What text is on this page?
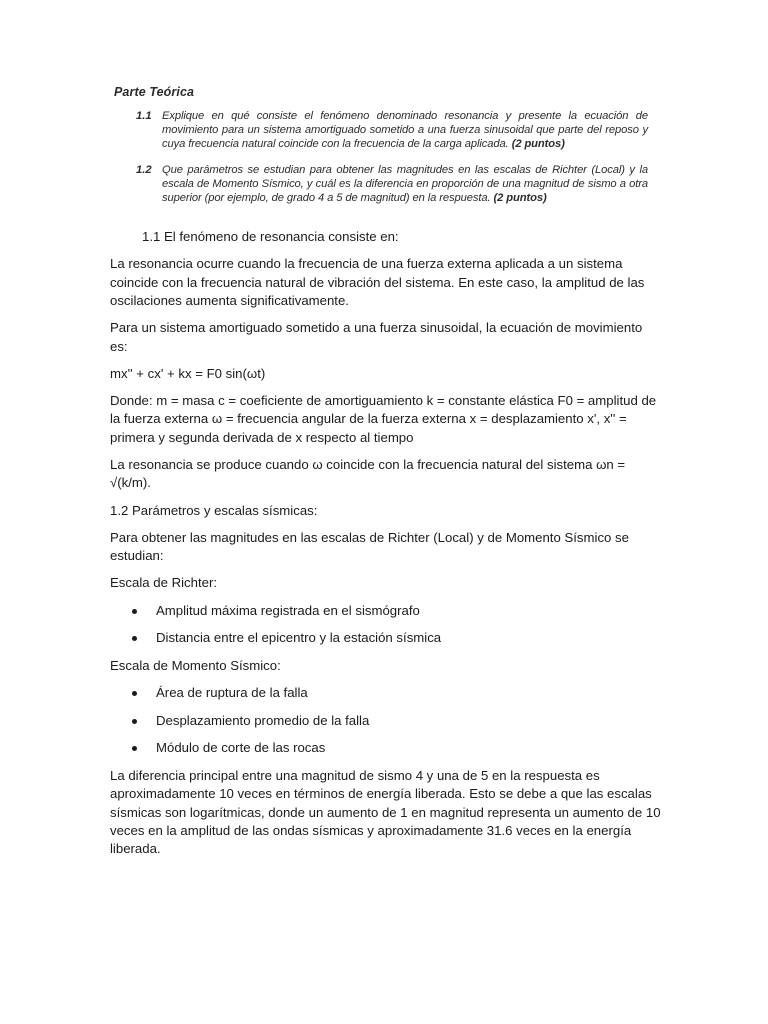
Parte Teórica
1.1 Explique en qué consiste el fenómeno denominado resonancia y presente la ecuación de movimiento para un sistema amortiguado sometido a una fuerza sinusoidal que parte del reposo y cuya frecuencia natural coincide con la frecuencia de la carga aplicada. (2 puntos)
1.2 Que parámetros se estudian para obtener las magnitudes en las escalas de Richter (Local) y la escala de Momento Sísmico, y cuál es la diferencia en proporción de una magnitud de sismo a otra superior (por ejemplo, de grado 4 a 5 de magnitud) en la respuesta. (2 puntos)

1.1 El fenómeno de resonancia consiste en:

La resonancia ocurre cuando la frecuencia de una fuerza externa aplicada a un sistema coincide con la frecuencia natural de vibración del sistema. En este caso, la amplitud de las oscilaciones aumenta significativamente.

Para un sistema amortiguado sometido a una fuerza sinusoidal, la ecuación de movimiento es:

mx'' + cx' + kx = F0 sin(ωt)

Donde: m = masa c = coeficiente de amortiguamiento k = constante elástica F0 = amplitud de la fuerza externa ω = frecuencia angular de la fuerza externa x = desplazamiento x', x'' = primera y segunda derivada de x respecto al tiempo

La resonancia se produce cuando ω coincide con la frecuencia natural del sistema ωn = √(k/m).

1.2 Parámetros y escalas sísmicas:

Para obtener las magnitudes en las escalas de Richter (Local) y de Momento Sísmico se estudian:

Escala de Richter:

Amplitud máxima registrada en el sismógrafo
Distancia entre el epicentro y la estación sísmica

Escala de Momento Sísmico:

Área de ruptura de la falla
Desplazamiento promedio de la falla
Módulo de corte de las rocas

La diferencia principal entre una magnitud de sismo 4 y una de 5 en la respuesta es aproximadamente 10 veces en términos de energía liberada. Esto se debe a que las escalas sísmicas son logarítmicas, donde un aumento de 1 en magnitud representa un aumento de 10 veces en la amplitud de las ondas sísmicas y aproximadamente 31.6 veces en la energía liberada.
